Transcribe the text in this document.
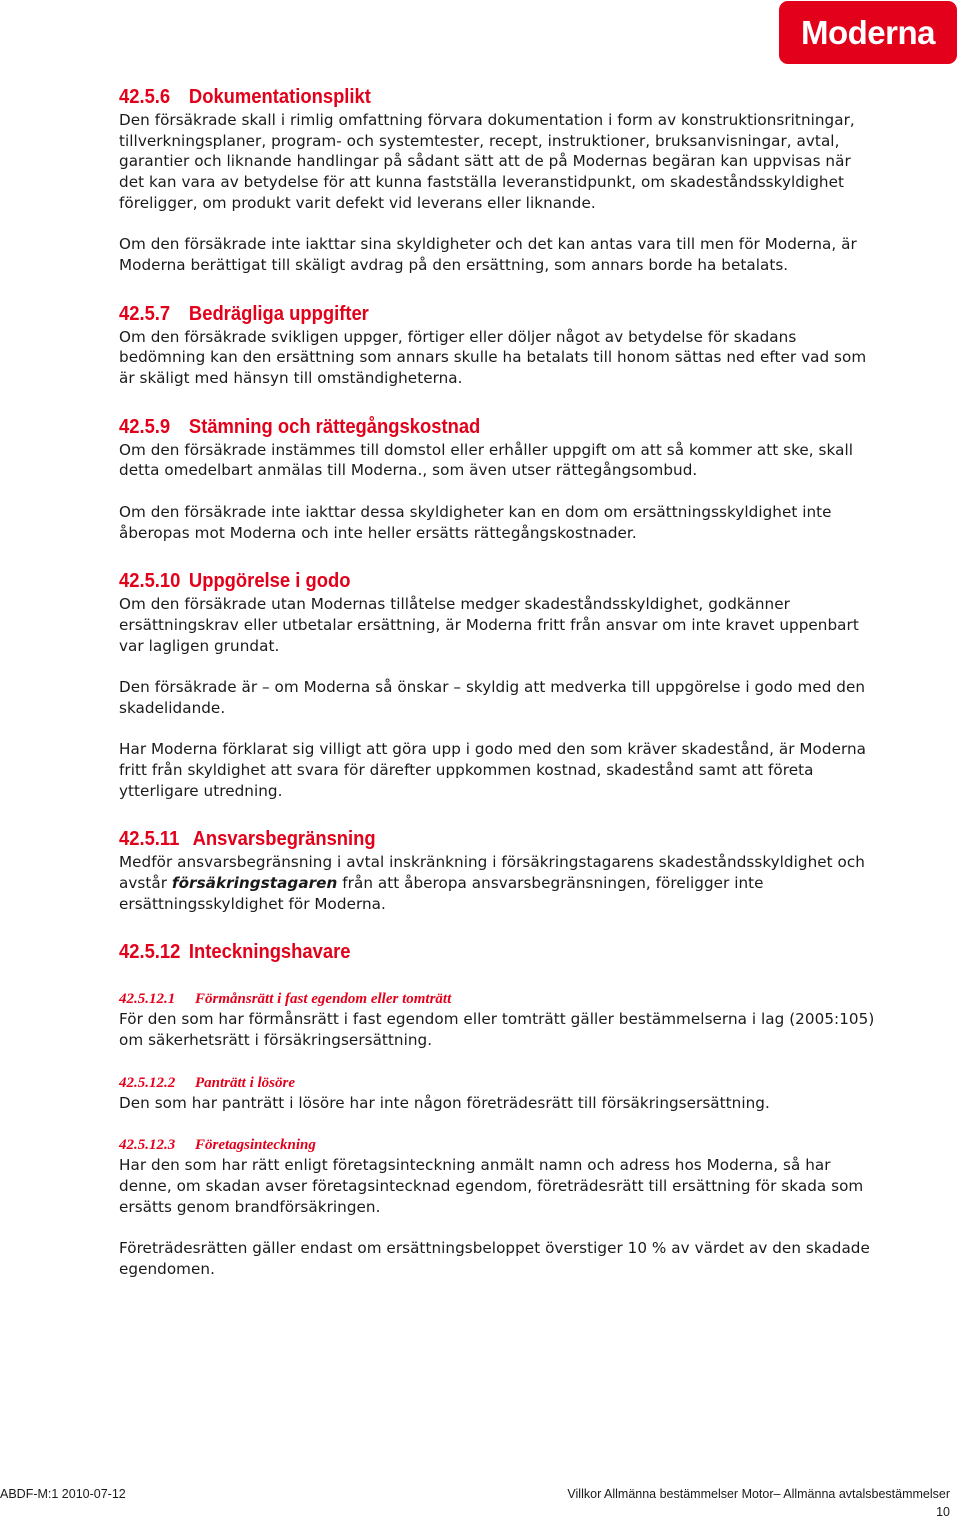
Moderna
42.5.6 Dokumentationsplikt

Den försäkrade skall i rimlig omfattning förvara dokumentation i form av konstruktionsritningar, tillverkningsplaner, program- och systemtester, recept, instruktioner, bruksanvisningar, avtal, garantier och liknande handlingar på sådant sätt att de på Modernas begäran kan uppvisas när det kan vara av betydelse för att kunna fastställa leveranstidpunkt, om skadeståndsskyldighet föreligger, om produkt varit defekt vid leverans eller liknande.

Om den försäkrade inte iakttar sina skyldigheter och det kan antas vara till men för Moderna, är Moderna berättigat till skäligt avdrag på den ersättning, som annars borde ha betalats.

42.5.7 Bedrägliga uppgifter

Om den försäkrade svikligen uppger, förtiger eller döljer något av betydelse för skadans bedömning kan den ersättning som annars skulle ha betalats till honom sättas ned efter vad som är skäligt med hänsyn till omständigheterna.

42.5.9 Stämning och rättegångskostnad

Om den försäkrade instämmes till domstol eller erhåller uppgift om att så kommer att ske, skall detta omedelbart anmälas till Moderna., som även utser rättegångsombud.

Om den försäkrade inte iakttar dessa skyldigheter kan en dom om ersättningsskyldighet inte åberopas mot Moderna och inte heller ersätts rättegångskostnader.

42.5.10 Uppgörelse i godo

Om den försäkrade utan Modernas tillåtelse medger skadeståndsskyldighet, godkänner ersättningskrav eller utbetalar ersättning, är Moderna fritt från ansvar om inte kravet uppenbart var lagligen grundat.

Den försäkrade är – om Moderna så önskar – skyldig att medverka till uppgörelse i godo med den skadelidande.

Har Moderna förklarat sig villigt att göra upp i godo med den som kräver skadestånd, är Moderna fritt från skyldighet att svara för därefter uppkommen kostnad, skadestånd samt att företa ytterligare utredning.

42.5.11 Ansvarsbegränsning

Medför ansvarsbegränsning i avtal inskränkning i försäkringstagarens skadeståndsskyldighet och avstår försäkringstagaren från att åberopa ansvarsbegränsningen, föreligger inte ersättningsskyldighet för Moderna.

42.5.12 Inteckningshavare
42.5.12.1 Förmånsrätt i fast egendom eller tomträtt

För den som har förmånsrätt i fast egendom eller tomträtt gäller bestämmelserna i lag (2005:105) om säkerhetsrätt i försäkringsersättning.

42.5.12.2 Panträtt i lösöre

Den som har panträtt i lösöre har inte någon företrädesrätt till försäkringsersättning.

42.5.12.3 Företagsinteckning

Har den som har rätt enligt företagsinteckning anmält namn och adress hos Moderna, så har denne, om skadan avser företagsintecknad egendom, företrädesrätt till ersättning för skada som ersätts genom brandförsäkringen.

Företrädesrätten gäller endast om ersättningsbeloppet överstiger 10 % av värdet av den skadade egendomen.

ABDF-M:1 2010-07-12	Villkor Allmänna bestämmelser Motor– Allmänna avtalsbestämmelser
10
